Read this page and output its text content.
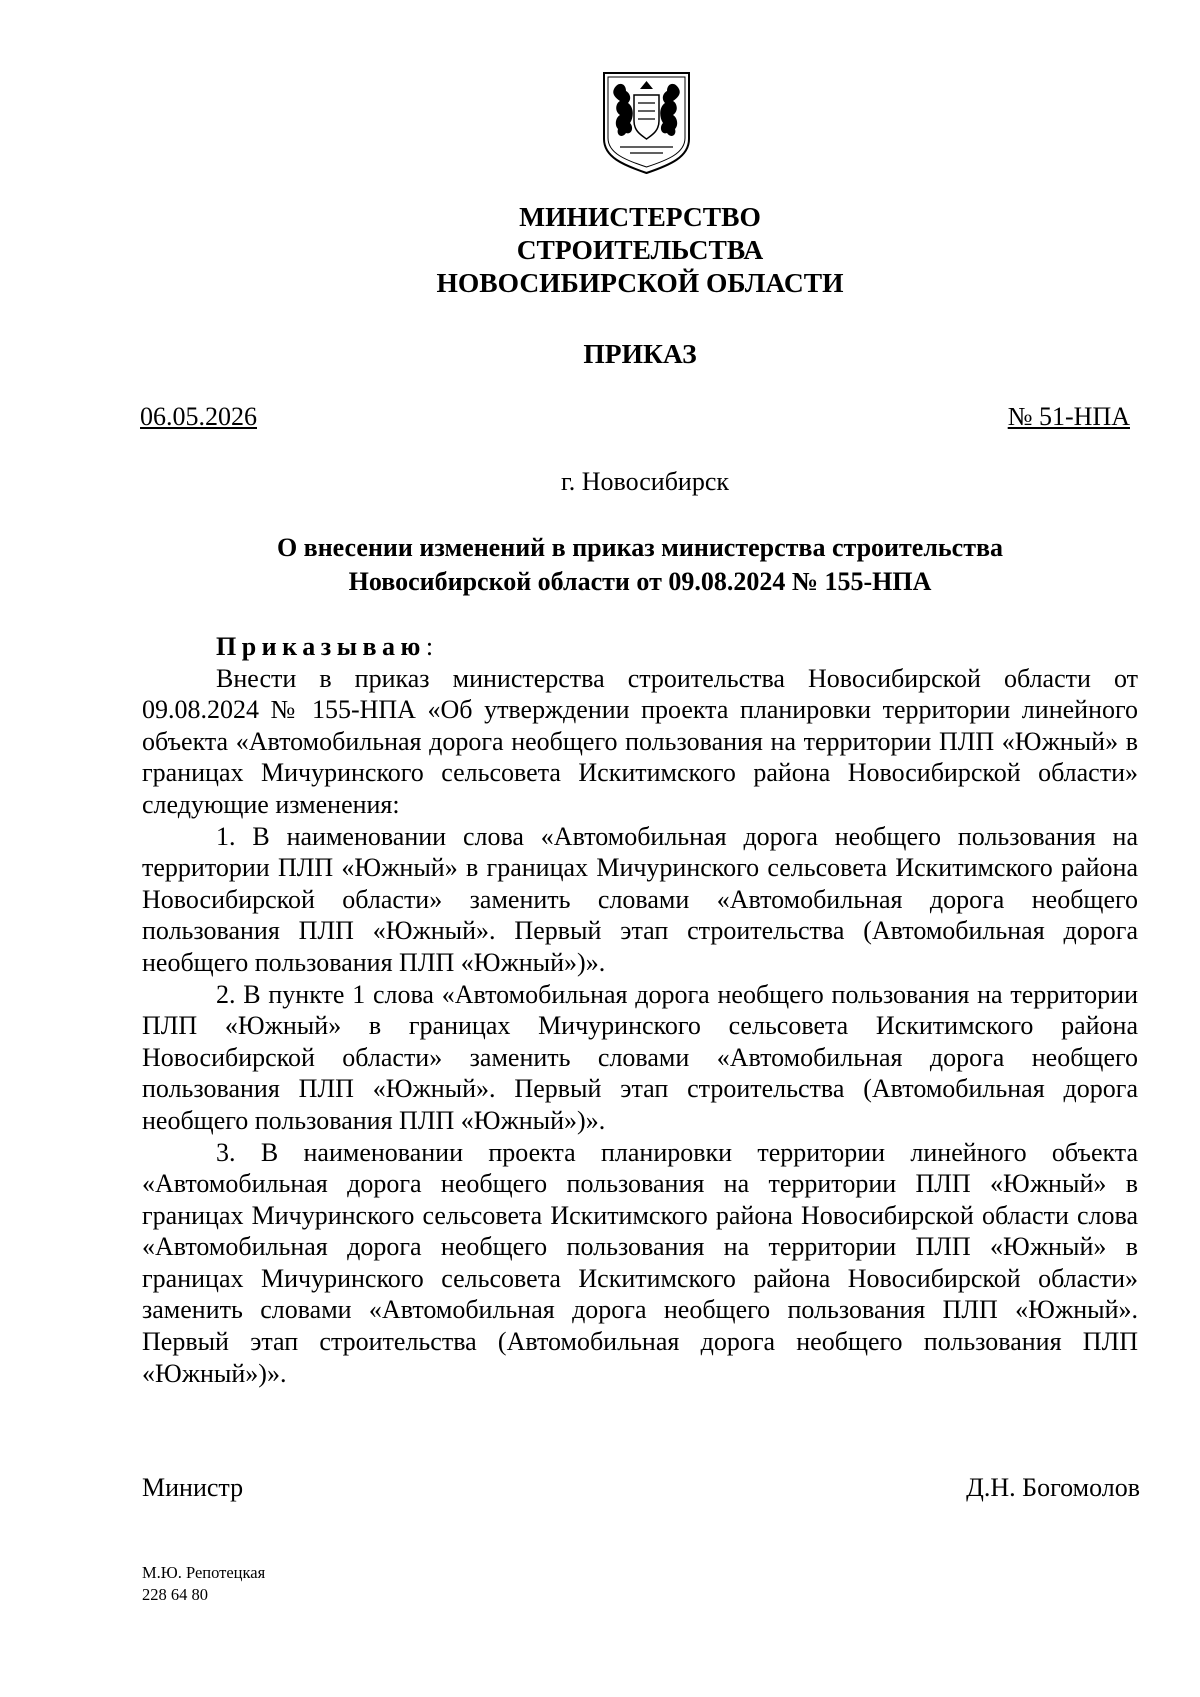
МИНИСТЕРСТВО
СТРОИТЕЛЬСТВА
НОВОСИБИРСКОЙ ОБЛАСТИ
ПРИКАЗ
06.05.2026	№ 51-НПА
г. Новосибирск
О внесении изменений в приказ министерства строительства
Новосибирской области от 09.08.2024 № 155-НПА

Приказываю:

Внести в приказ министерства строительства Новосибирской области от 09.08.2024 № 155-НПА «Об утверждении проекта планировки территории линейного объекта «Автомобильная дорога необщего пользования на территории ПЛП «Южный» в границах Мичуринского сельсовета Искитимского района Новосибирской области» следующие изменения:

1. В наименовании слова «Автомобильная дорога необщего пользования на территории ПЛП «Южный» в границах Мичуринского сельсовета Искитимского района Новосибирской области» заменить словами «Автомобильная дорога необщего пользования ПЛП «Южный». Первый этап строительства (Автомобильная дорога необщего пользования ПЛП «Южный»)».

2. В пункте 1 слова «Автомобильная дорога необщего пользования на территории ПЛП «Южный» в границах Мичуринского сельсовета Искитимского района Новосибирской области» заменить словами «Автомобильная дорога необщего пользования ПЛП «Южный». Первый этап строительства (Автомобильная дорога необщего пользования ПЛП «Южный»)».

3. В наименовании проекта планировки территории линейного объекта «Автомобильная дорога необщего пользования на территории ПЛП «Южный» в границах Мичуринского сельсовета Искитимского района Новосибирской области слова «Автомобильная дорога необщего пользования на территории ПЛП «Южный» в границах Мичуринского сельсовета Искитимского района Новосибирской области» заменить словами «Автомобильная дорога необщего пользования ПЛП «Южный». Первый этап строительства (Автомобильная дорога необщего пользования ПЛП «Южный»)».

Министр	Д.Н. Богомолов
М.Ю. Репотецкая
228 64 80
